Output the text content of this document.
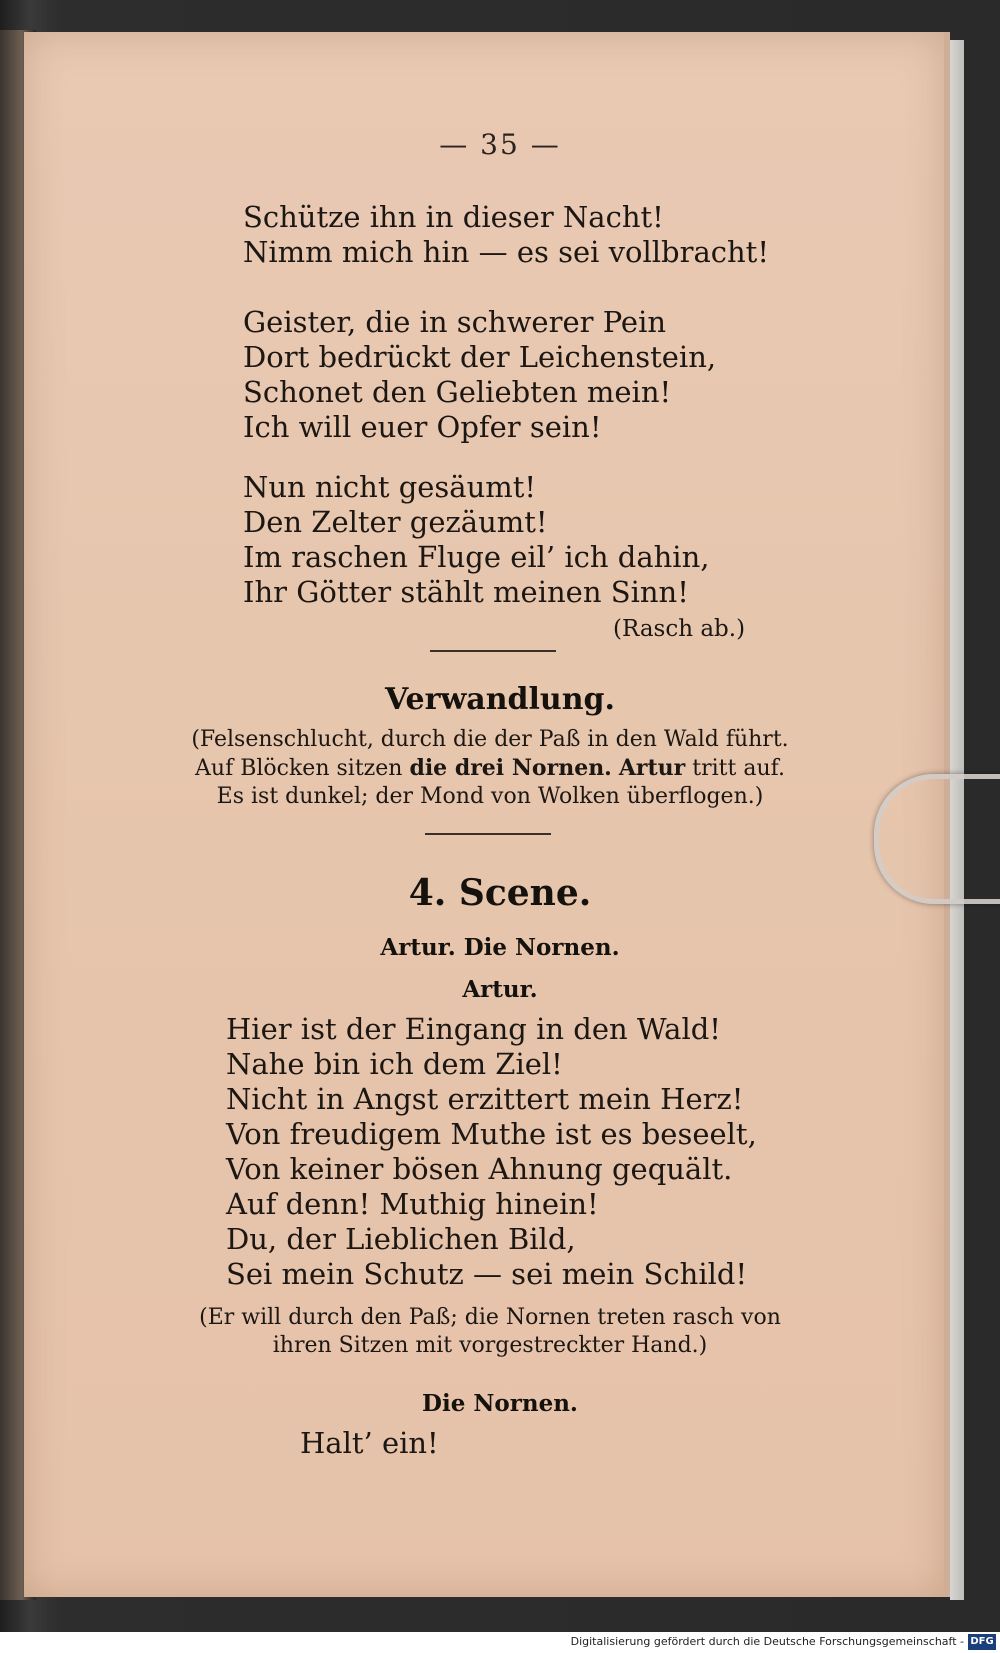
— 35 —
Schütze ihn in dieser Nacht!
Nimm mich hin — es sei vollbracht!
Geister, die in schwerer Pein
Dort bedrückt der Leichenstein,
Schonet den Geliebten mein!
Ich will euer Opfer sein!
Nun nicht gesäumt!
Den Zelter gezäumt!
Im raschen Fluge eil’ ich dahin,
Ihr Götter stählt meinen Sinn!
(Rasch ab.)
Verwandlung.
(Felsenschlucht, durch die der Paß in den Wald führt.
Auf Blöcken sitzen die drei Nornen. Artur tritt auf.
Es ist dunkel; der Mond von Wolken überflogen.)
4. Scene.
Artur. Die Nornen.
Artur.
Hier ist der Eingang in den Wald!
Nahe bin ich dem Ziel!
Nicht in Angst erzittert mein Herz!
Von freudigem Muthe ist es beseelt,
Von keiner bösen Ahnung gequält.
Auf denn! Muthig hinein!
Du, der Lieblichen Bild,
Sei mein Schutz — sei mein Schild!
(Er will durch den Paß; die Nornen treten rasch von
ihren Sitzen mit vorgestreckter Hand.)
Die Nornen.
Halt’ ein!
Digitalisierung gefördert durch die Deutsche Forschungsgemeinschaft - DFG
